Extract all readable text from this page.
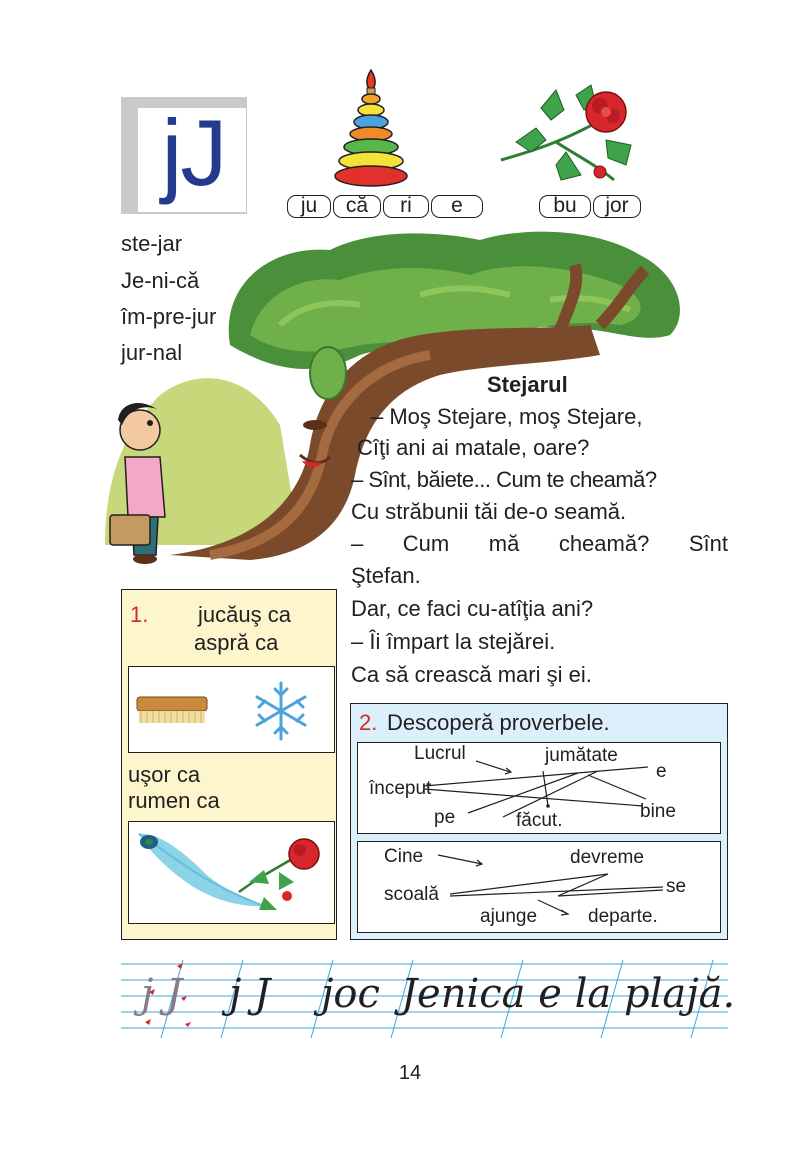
jJ
ju	că	ri	e	bu	jor
ste-jar
Je-ni-că
îm-pre-jur
jur-nal
Stejarul
– Moş Stejare, moş Stejare,
Cîţi ani ai matale, oare?
– Sînt, băiete... Cum te cheamă?
Cu străbunii tăi de-o seamă.
– Cum mă cheamă? Sînt
Ştefan.
Dar, ce faci cu-atîţia ani?
– Îi împart la stejărei.
Ca să crească mari şi ei.
1. jucăuş ca
aspră ca
uşor ca
rumen ca
2. Descoperă proverbele.
Lucrul	jumătate
început
e
pe	făcut.	bine
Cine	devreme
scoală	se
ajunge	departe.
j J j J joc Jenica e la plajă.
14
